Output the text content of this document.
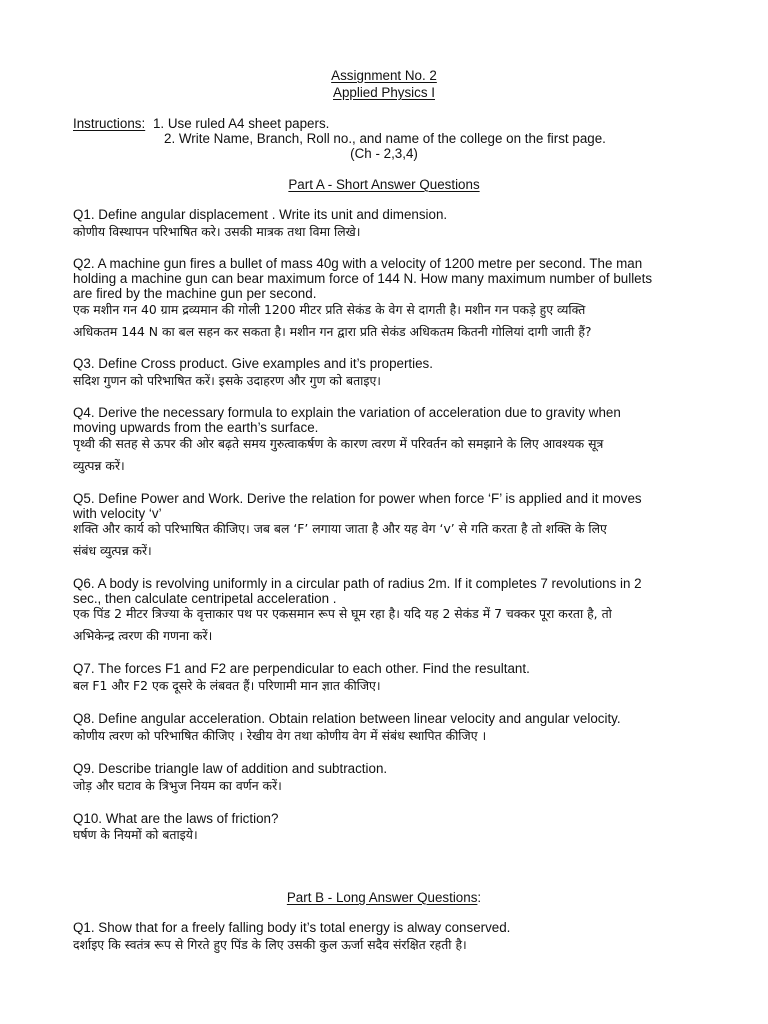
Assignment No. 2
Applied Physics I
Instructions: 1. Use ruled A4 sheet papers.
2. Write Name, Branch, Roll no., and name of the college on the first page.
(Ch - 2,3,4)
Part A - Short Answer Questions
Q1. Define angular displacement . Write its unit and dimension.
कोणीय विस्थापन परिभाषित करे। उसकी मात्रक तथा विमा लिखे।
Q2. A machine gun fires a bullet of mass 40g with a velocity of 1200 metre per second. The man
holding a machine gun can bear maximum force of 144 N. How many maximum number of bullets
are fired by the machine gun per second.
एक मशीन गन 40 ग्राम द्रव्यमान की गोली 1200 मीटर प्रति सेकंड के वेग से दागती है। मशीन गन पकड़े हुए व्यक्ति
अधिकतम 144 N का बल सहन कर सकता है। मशीन गन द्वारा प्रति सेकंड अधिकतम कितनी गोलियां दागी जाती हैं?
Q3. Define Cross product. Give examples and it’s properties.
सदिश गुणन को परिभाषित करें। इसके उदाहरण और गुण को बताइए।
Q4. Derive the necessary formula to explain the variation of acceleration due to gravity when
moving upwards from the earth’s surface.
पृथ्वी की सतह से ऊपर की ओर बढ़ते समय गुरुत्वाकर्षण के कारण त्वरण में परिवर्तन को समझाने के लिए आवश्यक सूत्र
व्युत्पन्न करें।
Q5. Define Power and Work. Derive the relation for power when force ‘F’ is applied and it moves
with velocity ‘v’
शक्ति और कार्य को परिभाषित कीजिए। जब बल ‘F’ लगाया जाता है और यह वेग ‘v’ से गति करता है तो शक्ति के लिए
संबंध व्युत्पन्न करें।
Q6. A body is revolving uniformly in a circular path of radius 2m. If it completes 7 revolutions in 2
sec., then calculate centripetal acceleration .
एक पिंड 2 मीटर त्रिज्या के वृत्ताकार पथ पर एकसमान रूप से घूम रहा है। यदि यह 2 सेकंड में 7 चक्कर पूरा करता है, तो
अभिकेन्द्र त्वरण की गणना करें।
Q7. The forces F1 and F2 are perpendicular to each other. Find the resultant.
बल F1 और F2 एक दूसरे के लंबवत हैं। परिणामी मान ज्ञात कीजिए।
Q8. Define angular acceleration. Obtain relation between linear velocity and angular velocity.
कोणीय त्वरण को परिभाषित कीजिए । रेखीय वेग तथा कोणीय वेग में संबंध स्थापित कीजिए ।
Q9. Describe triangle law of addition and subtraction.
जोड़ और घटाव के त्रिभुज नियम का वर्णन करें।
Q10. What are the laws of friction?
घर्षण के नियमों को बताइये।
Part B - Long Answer Questions:
Q1. Show that for a freely falling body it’s total energy is alway conserved.
दर्शाइए कि स्वतंत्र रूप से गिरते हुए पिंड के लिए उसकी कुल ऊर्जा सदैव संरक्षित रहती है।
